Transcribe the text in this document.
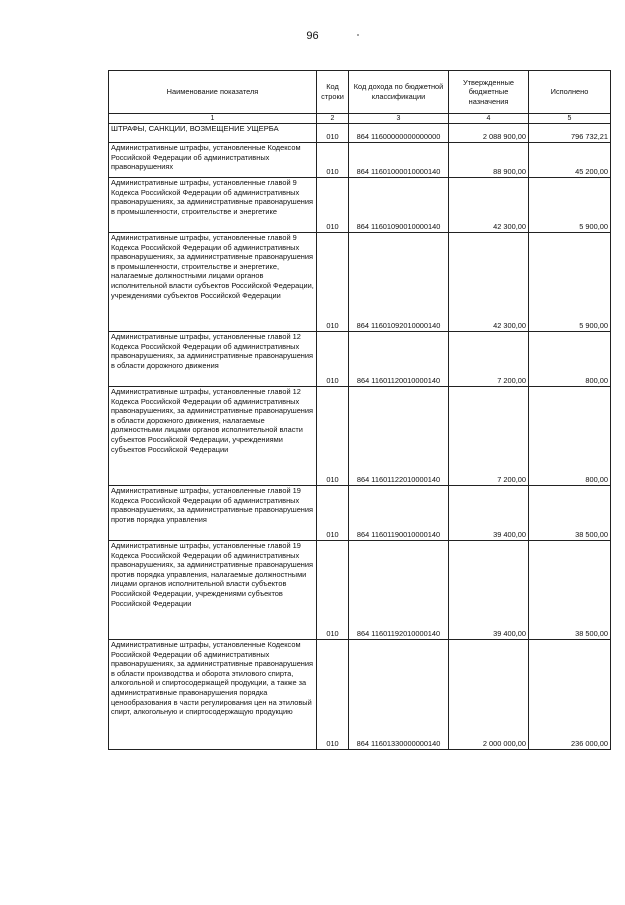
96
Наименование показателя	Код строки	Код дохода по бюджетной классификации	Утвержденные бюджетные назначения	Исполнено
1	2	3	4	5
ШТРАФЫ, САНКЦИИ, ВОЗМЕЩЕНИЕ УЩЕРБА	010	864 11600000000000000	2 088 900,00	796 732,21
Административные штрафы, установленные Кодексом Российской Федерации об административных правонарушениях	010	864 11601000010000140	88 900,00	45 200,00
Административные штрафы, установленные главой 9 Кодекса Российской Федерации об административных правонарушениях, за административные правонарушения в промышленности, строительстве и энергетике	010	864 11601090010000140	42 300,00	5 900,00
Административные штрафы, установленные главой 9 Кодекса Российской Федерации об административных правонарушениях, за административные правонарушения в промышленности, строительстве и энергетике, налагаемые должностными лицами органов исполнительной власти субъектов Российской Федерации, учреждениями субъектов Российской Федерации	010	864 11601092010000140	42 300,00	5 900,00
Административные штрафы, установленные главой 12 Кодекса Российской Федерации об административных правонарушениях, за административные правонарушения в области дорожного движения	010	864 11601120010000140	7 200,00	800,00
Административные штрафы, установленные главой 12 Кодекса Российской Федерации об административных правонарушениях, за административные правонарушения в области дорожного движения, налагаемые должностными лицами органов исполнительной власти субъектов Российской Федерации, учреждениями субъектов Российской Федерации	010	864 11601122010000140	7 200,00	800,00
Административные штрафы, установленные главой 19 Кодекса Российской Федерации об административных правонарушениях, за административные правонарушения против порядка управления	010	864 11601190010000140	39 400,00	38 500,00
Административные штрафы, установленные главой 19 Кодекса Российской Федерации об административных правонарушениях, за административные правонарушения против порядка управления, налагаемые должностными лицами органов исполнительной власти субъектов Российской Федерации, учреждениями субъектов Российской Федерации	010	864 11601192010000140	39 400,00	38 500,00
Административные штрафы, установленные Кодексом Российской Федерации об административных правонарушениях, за административные правонарушения в области производства и оборота этилового спирта, алкогольной и спиртосодержащей продукции, а также за административные правонарушения порядка ценообразования в части регулирования цен на этиловый спирт, алкогольную и спиртосодержащую продукцию	010	864 11601330000000140	2 000 000,00	236 000,00
